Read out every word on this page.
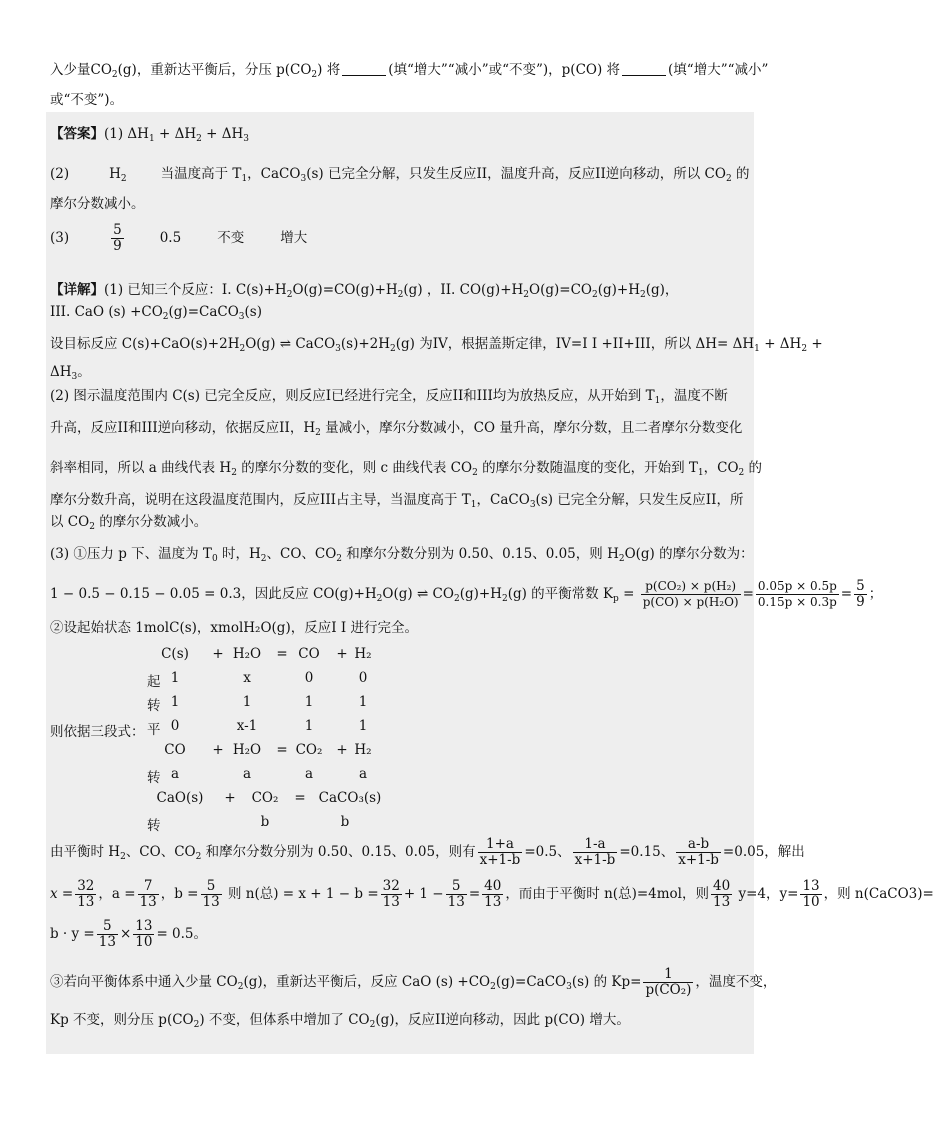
入少量$CO_2(g)$，重新达平衡后，分压 $p(CO_2)$ 将	(填“增大”“减小”或“不变”)，p(CO) 将	(填“增大”“减小”
或“不变”)。
【答案】(1) $\Delta H_1 + \Delta H_2 + \Delta H_3$
(2)	$H_2$	当温度高于 $T_1$，CaCO$_3$(s) 已完全分解，只发生反应II，温度升高，反应II逆向移动，所以 $CO_2$ 的
摩尔分数减小。
(3)	$\frac{5}{9}$	0.5	不变	增大
【详解】(1) 已知三个反应：I. $C(s)+H_2O(g)=CO(g)+H_2(g)$ ，II. $CO(g)+H_2O(g)=CO_2(g)+H_2(g)$，
III. CaO $(s) +CO_2(g)=CaCO_3(s)$
设目标反应 $C(s)+CaO(s)+2H_2O(g)$ ⇌ $CaCO_3(s)+2H_2(g)$ 为IV，根据盖斯定律，IV=I I +II+III，所以 $\Delta H= \Delta H_1 + \Delta H_2$ +
$\Delta H_3$。
(2) 图示温度范围内 C(s) 已完全反应，则反应I已经进行完全，反应II和III均为放热反应，从开始到 $T_1$，温度不断
升高，反应II和III逆向移动，依据反应II，$H_2$ 量减小，摩尔分数减小，CO 量升高，摩尔分数，且二者摩尔分数变化
斜率相同，所以 a 曲线代表 $H_2$ 的摩尔分数的变化，则 c 曲线代表 $CO_2$ 的摩尔分数随温度的变化，开始到 $T_1$，$CO_2$ 的
摩尔分数升高，说明在这段温度范围内，反应III占主导，当温度高于 $T_1$，CaCO$_3$(s) 已完全分解，只发生反应II，所
以 $CO_2$ 的摩尔分数减小。
(3) ①压力 p 下、温度为 $T_0$ 时，$H_2$、CO、$CO_2$ 和摩尔分数分别为 0.50、0.15、0.05，则 $H_2O(g)$ 的摩尔分数为：
1 − 0.5 − 0.15 − 0.05 = 0.3，因此反应 $CO(g)+H_2O(g)$ ⇌ $CO_2(g)+H_2(g)$ 的平衡常数 $K_p = \frac{\text{p(CO₂) × p(H₂)}}{\text{p(CO) × p(H₂O)}} = \frac{0.05p \times 0.5p}{0.15p \times 0.3p} = \frac{5}{9}$ ；
②设起始状态 1molC(s)，xmolH₂O(g)，反应I I 进行完全。
则依据三段式：
C(s)	+ H₂O	= CO	+ H₂
起 1	x	0	0
转 1	1	1	1
平 0	x-1	1	1
CO	+ H₂O	= CO₂	+ H₂
转 a	a	a	a
CaO(s)	+	CO₂	= CaCO₃(s)
转	b	b
由平衡时 $H_2$、CO、$CO_2$ 和摩尔分数分别为 0.50、0.15、0.05，则有 $\frac{1+a}{x+1-b} =0.5$、 $\frac{1-a}{x+1-b} =0.15$、 $\frac{a-b}{x+1-b} =0.05$，解出
$x = \frac{32}{13}$ ，$a = \frac{7}{13}$ ，$b = \frac{5}{13}$ 则 n(总) = $x + 1 - b = \frac{32}{13} + 1 - \frac{5}{13} = \frac{40}{13}$ ，而由于平衡时 n(总)=4mol，则 $\frac{40}{13} y=4$，$y= \frac{13}{10}$ ，则 n(CaCO3)=
$b \cdot y = \frac{5}{13} \times \frac{13}{10} = 0.5$。
③若向平衡体系中通入少量 $CO_2(g)$，重新达平衡后，反应 CaO $(s) +CO_2(g)=CaCO_3(s)$ 的 $Kp= \frac{1}{\text{p(CO₂)}}$ ，温度不变，
Kp 不变，则分压 $p(CO_2)$ 不变，但体系中增加了 $CO_2(g)$，反应II逆向移动，因此 p(CO) 增大。
